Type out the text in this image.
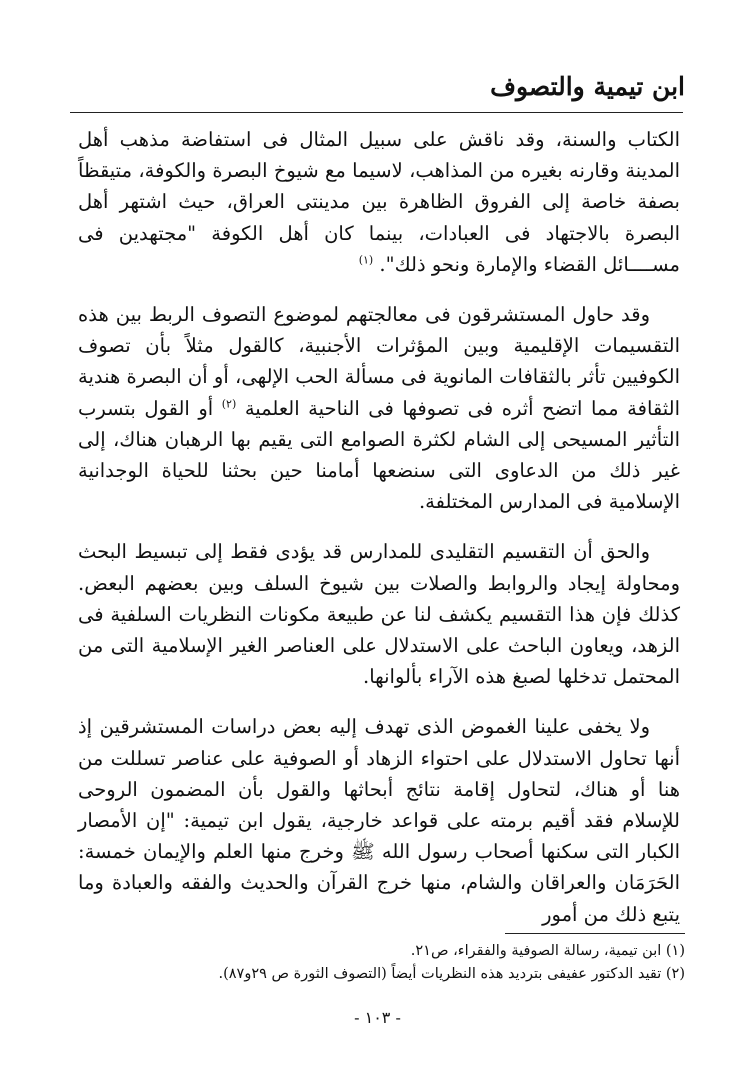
ابن تيمية والتصوف

الكتاب والسنة، وقد ناقش على سبيل المثال فى استفاضة مذهب أهل المدينة وقارنه بغيره من المذاهب، لاسيما مع شيوخ البصرة والكوفة، متيقظاً بصفة خاصة إلى الفروق الظاهرة بين مدينتى العراق، حيث اشتهر أهل البصرة بالاجتهاد فى العبادات، بينما كان أهل الكوفة "مجتهدين فى مســــائل القضاء والإمارة ونحو ذلك". $^{(١)}$

وقد حاول المستشرقون فى معالجتهم لموضوع التصوف الربط بين هذه التقسيمات الإقليمية وبين المؤثرات الأجنبية، كالقول مثلاً بأن تصوف الكوفيين تأثر بالثقافات المانوية فى مسألة الحب الإلهى، أو أن البصرة هندية الثقافة مما اتضح أثره فى تصوفها فى الناحية العلمية $^{(٢)}$ أو القول بتسرب التأثير المسيحى إلى الشام لكثرة الصوامع التى يقيم بها الرهبان هناك، إلى غير ذلك من الدعاوى التى سنضعها أمامنا حين بحثنا للحياة الوجدانية الإسلامية فى المدارس المختلفة.

والحق أن التقسيم التقليدى للمدارس قد يؤدى فقط إلى تبسيط البحث ومحاولة إيجاد والروابط والصلات بين شيوخ السلف وبين بعضهم البعض. كذلك فإن هذا التقسيم يكشف لنا عن طبيعة مكونات النظريات السلفية فى الزهد، ويعاون الباحث على الاستدلال على العناصر الغير الإسلامية التى من المحتمل تدخلها لصبغ هذه الآراء بألوانها.

ولا يخفى علينا الغموض الذى تهدف إليه بعض دراسات المستشرقين إذ أنها تحاول الاستدلال على احتواء الزهاد أو الصوفية على عناصر تسللت من هنا أو هناك، لتحاول إقامة نتائج أبحاثها والقول بأن المضمون الروحى للإسلام فقد أقيم برمته على قواعد خارجية، يقول ابن تيمية: "إن الأمصار الكبار التى سكنها أصحاب رسول الله ﷺ وخرج منها العلم والإيمان خمسة: الحَرَمَان والعراقان والشام، منها خرج القرآن والحديث والفقه والعبادة وما يتبع ذلك من أمور

(١) ابن تيمية، رسالة الصوفية والفقراء، ص٢١.

(٢) تقيد الدكتور عفيفى بترديد هذه النظريات أيضاً (التصوف الثورة ص ٢٩و٨٧).

- ١٠٣ -
